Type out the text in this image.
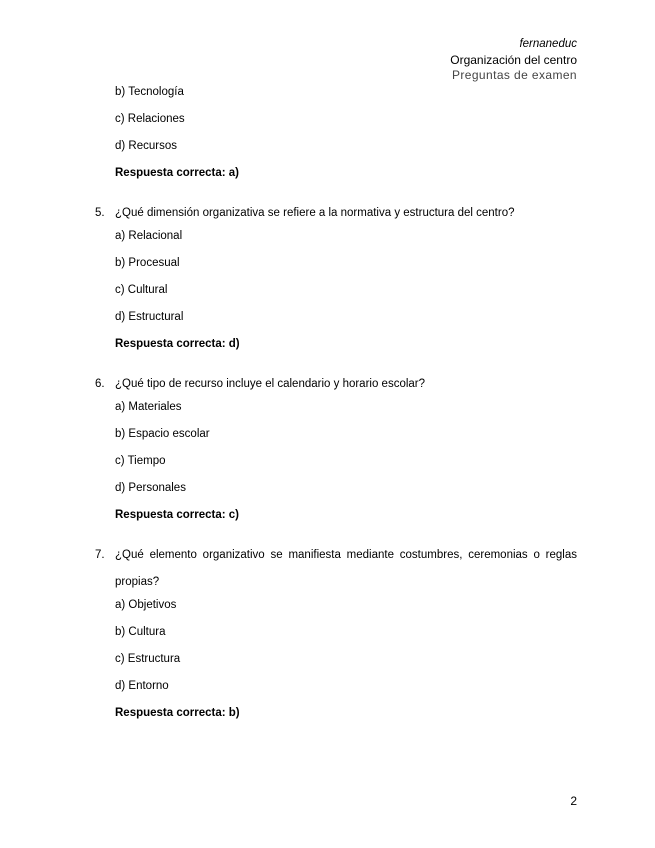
fernaneduc
Organización del centro
Preguntas de examen
b) Tecnología
c) Relaciones
d) Recursos
Respuesta correcta: a)
5. ¿Qué dimensión organizativa se refiere a la normativa y estructura del centro?
a) Relacional
b) Procesual
c) Cultural
d) Estructural
Respuesta correcta: d)
6. ¿Qué tipo de recurso incluye el calendario y horario escolar?
a) Materiales
b) Espacio escolar
c) Tiempo
d) Personales
Respuesta correcta: c)
7. ¿Qué elemento organizativo se manifiesta mediante costumbres, ceremonias o reglas propias?
a) Objetivos
b) Cultura
c) Estructura
d) Entorno
Respuesta correcta: b)
2
